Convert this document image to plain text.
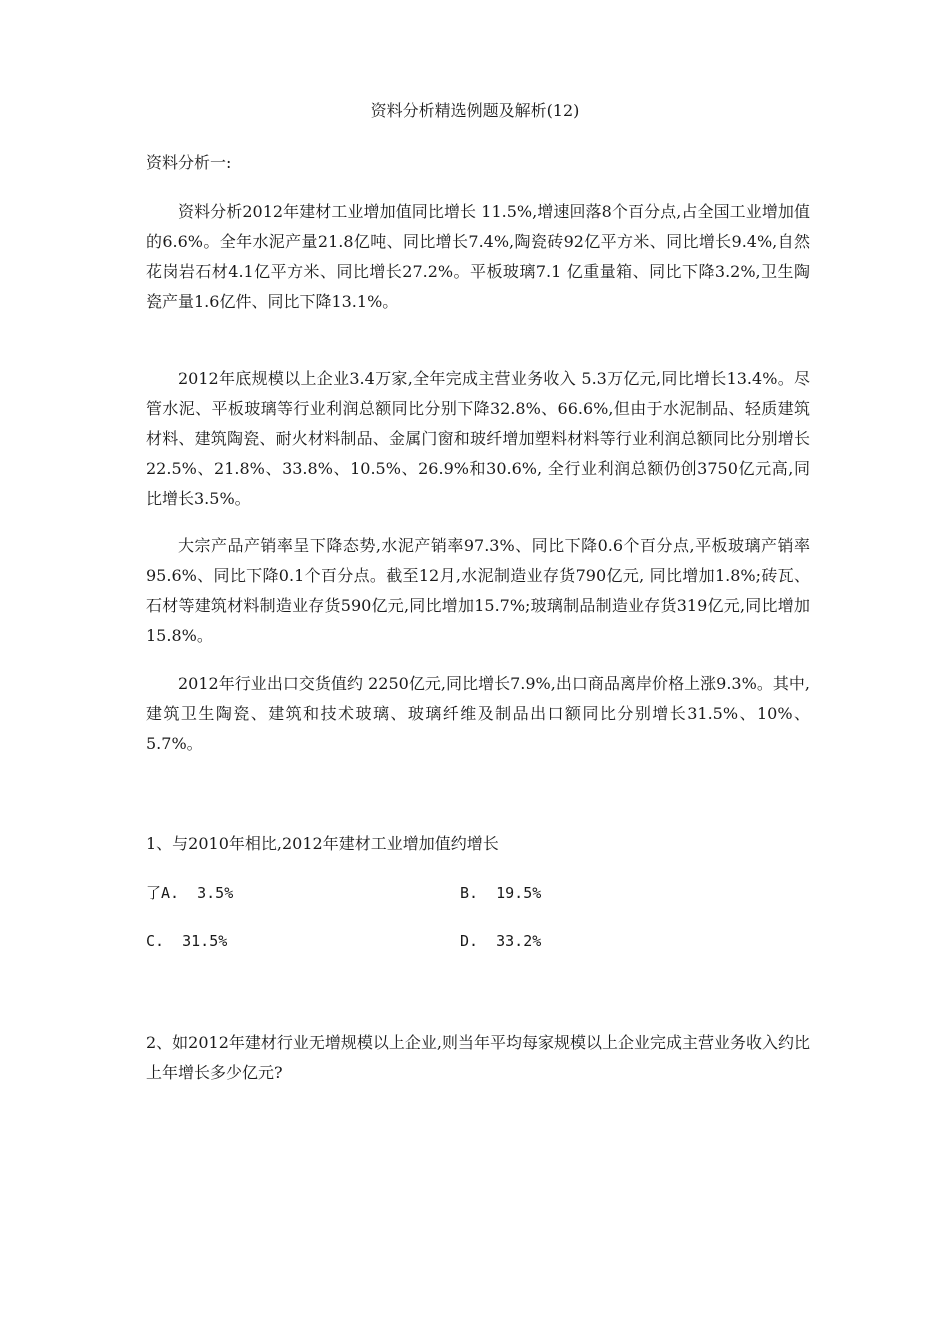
资料分析精选例题及解析(12)

资料分析一:

资料分析2012年建材工业增加值同比增长 11.5%,增速回落8个百分点,占全国工业增加值的6.6%。全年水泥产量21.8亿吨、同比增长7.4%,陶瓷砖92亿平方米、同比增长9.4%,自然花岗岩石材4.1亿平方米、同比增长27.2%。平板玻璃7.1 亿重量箱、同比下降3.2%,卫生陶瓷产量1.6亿件、同比下降13.1%。

2012年底规模以上企业3.4万家,全年完成主营业务收入 5.3万亿元,同比增长13.4%。尽管水泥、平板玻璃等行业利润总额同比分别下降32.8%、66.6%,但由于水泥制品、轻质建筑材料、建筑陶瓷、耐火材料制品、金属门窗和玻纤增加塑料材料等行业利润总额同比分别增长22.5%、21.8%、33.8%、10.5%、26.9%和30.6%, 全行业利润总额仍创3750亿元高,同比增长3.5%。

大宗产品产销率呈下降态势,水泥产销率97.3%、同比下降0.6个百分点,平板玻璃产销率95.6%、同比下降0.1个百分点。截至12月,水泥制造业存货790亿元, 同比增加1.8%;砖瓦、石材等建筑材料制造业存货590亿元,同比增加15.7%;玻璃制品制造业存货319亿元,同比增加15.8%。

2012年行业出口交货值约 2250亿元,同比增长7.9%,出口商品离岸价格上涨9.3%。其中,建筑卫生陶瓷、建筑和技术玻璃、玻璃纤维及制品出口额同比分别增长31.5%、10%、5.7%。

1、与2010年相比,2012年建材工业增加值约增长

了A.  3.5%	B.  19.5%
C.  31.5%	D.  33.2%

2、如2012年建材行业无增规模以上企业,则当年平均每家规模以上企业完成主营业务收入约比上年增长多少亿元?
